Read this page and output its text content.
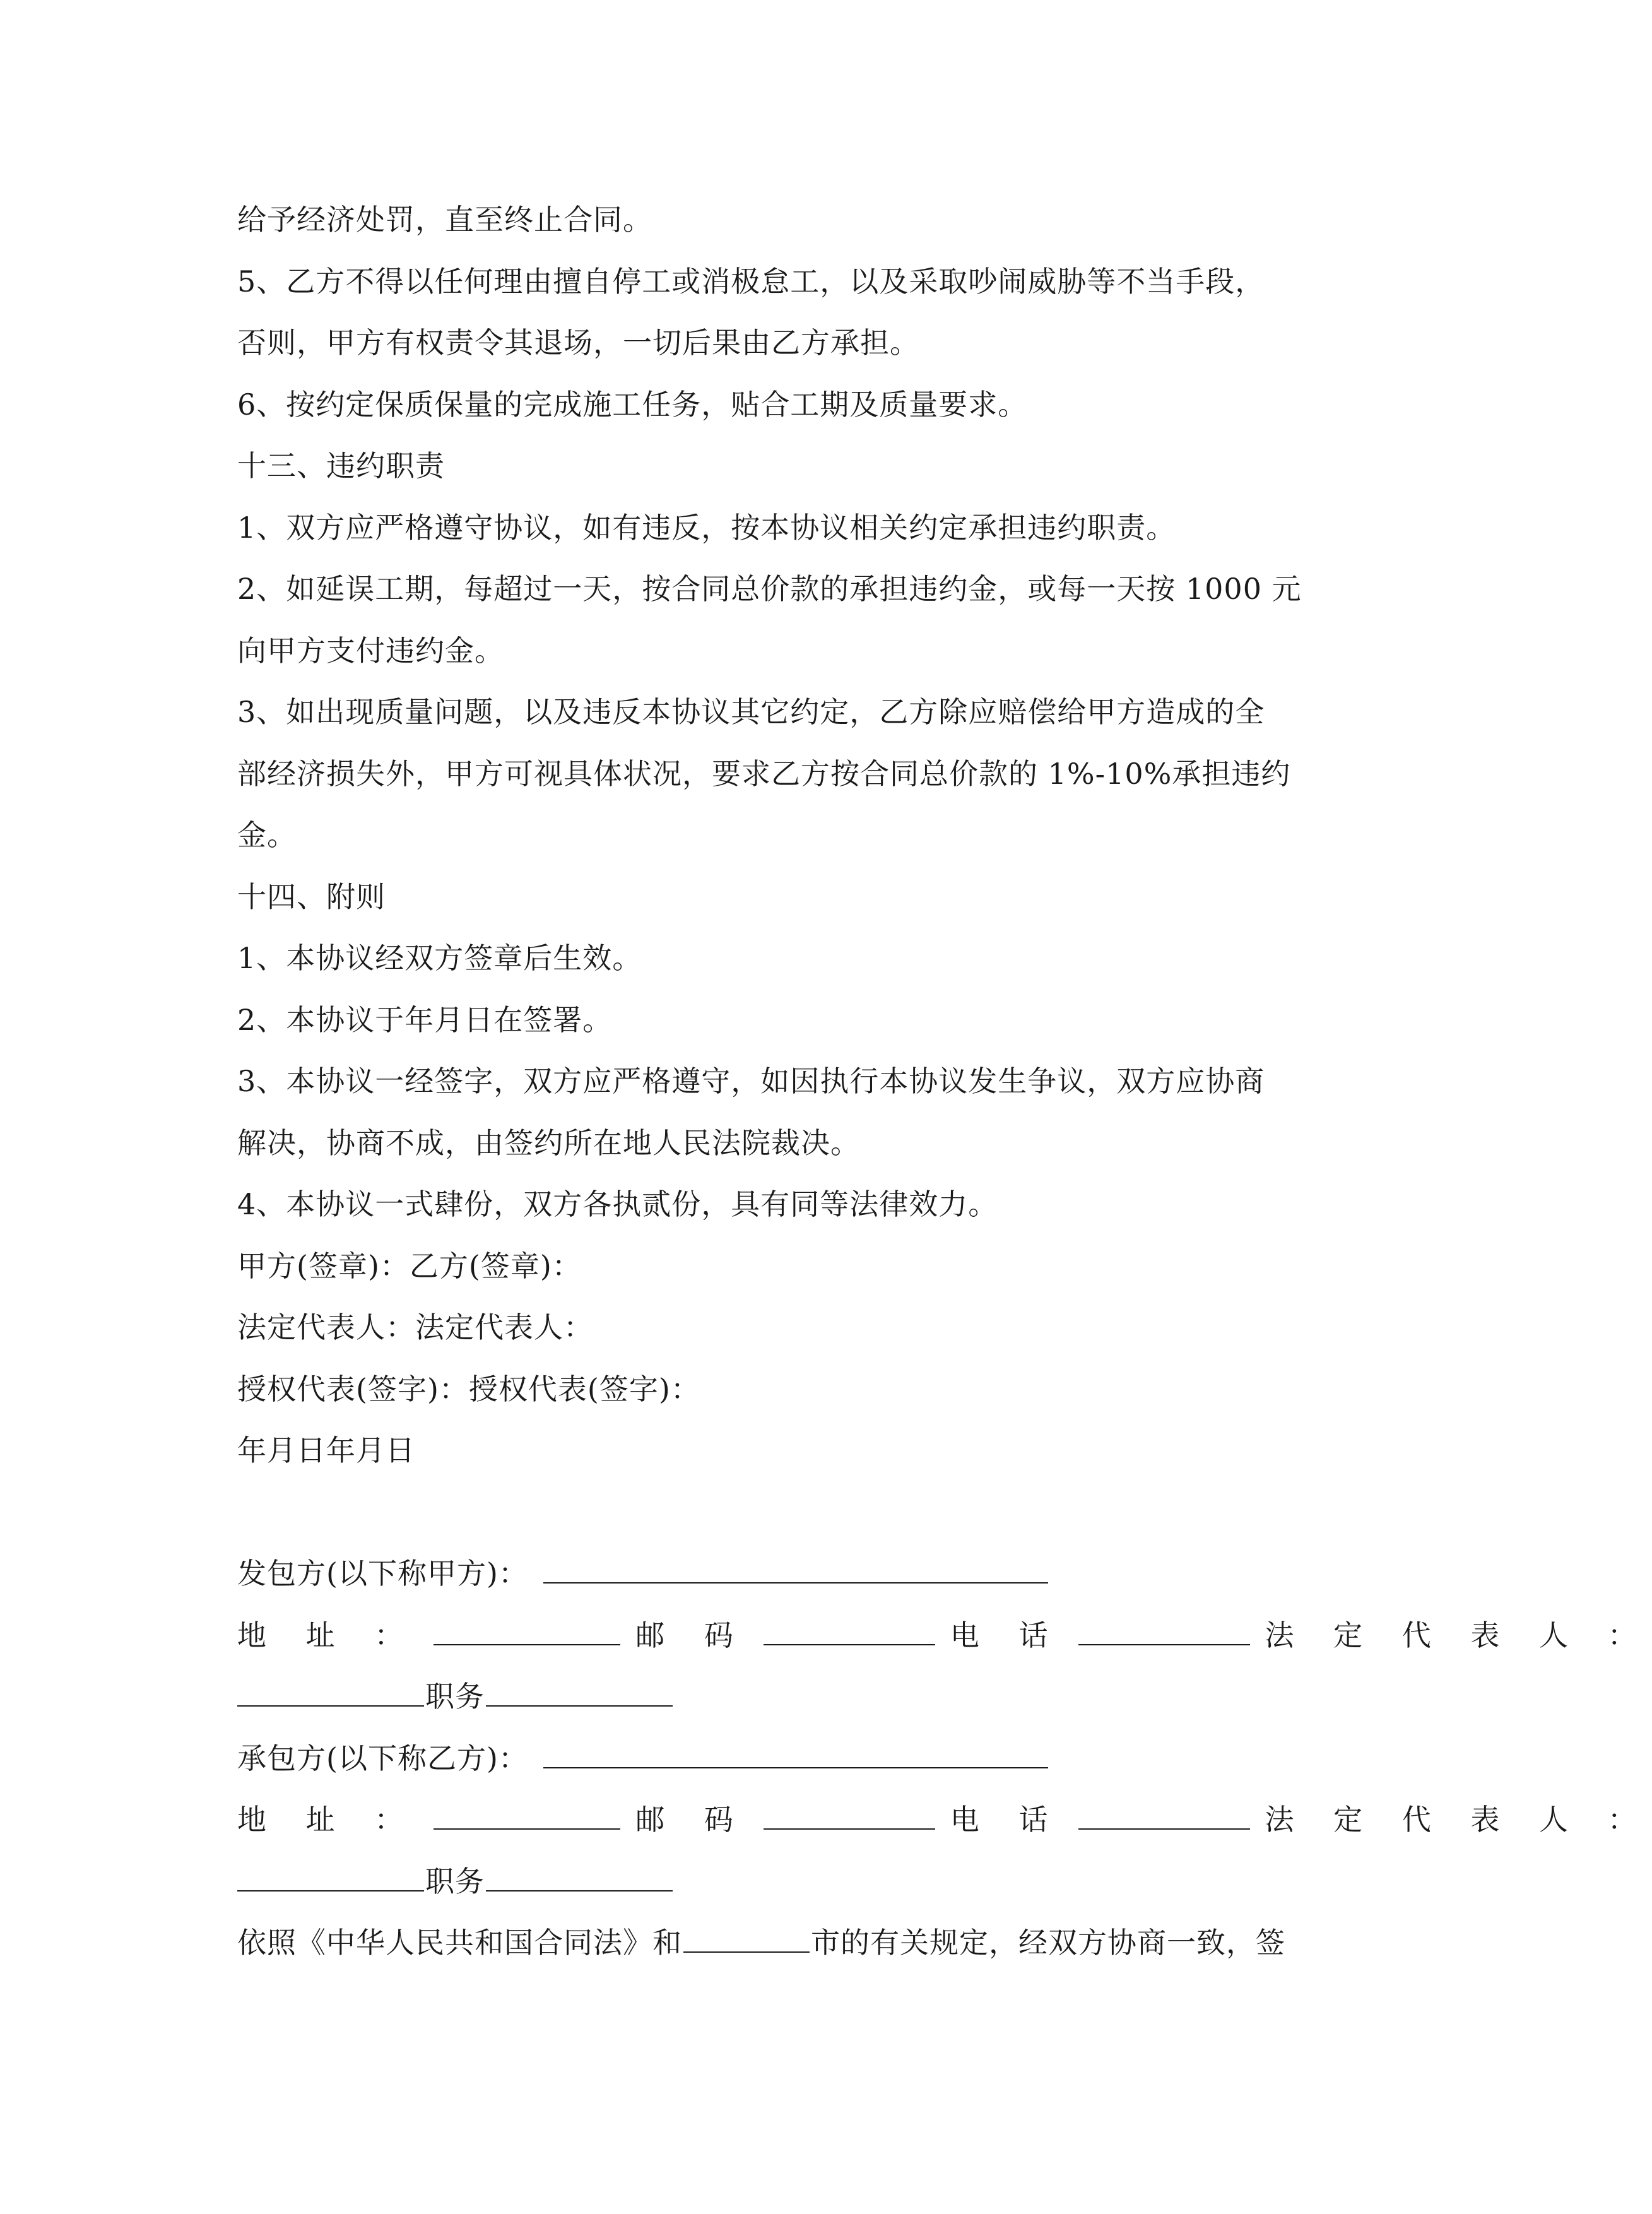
给予经济处罚，直至终止合同。
5、乙方不得以任何理由擅自停工或消极怠工，以及采取吵闹威胁等不当手段，
否则，甲方有权责令其退场，一切后果由乙方承担。
6、按约定保质保量的完成施工任务，贴合工期及质量要求。
十三、违约职责
1、双方应严格遵守协议，如有违反，按本协议相关约定承担违约职责。
2、如延误工期，每超过一天，按合同总价款的承担违约金，或每一天按 1000 元
向甲方支付违约金。
3、如出现质量问题，以及违反本协议其它约定，乙方除应赔偿给甲方造成的全
部经济损失外，甲方可视具体状况，要求乙方按合同总价款的 1%-10%承担违约
金。
十四、附则
1、本协议经双方签章后生效。
2、本协议于年月日在签署。
3、本协议一经签字，双方应严格遵守，如因执行本协议发生争议，双方应协商
解决，协商不成，由签约所在地人民法院裁决。
4、本协议一式肆份，双方各执贰份，具有同等法律效力。
甲方(签章)：乙方(签章)：
法定代表人：法定代表人：
授权代表(签字)：授权代表(签字)：
年月日年月日
发包方(以下称甲方)：
地 址 ：	邮 码	电 话	法 定 代 表 人 ：
职务
承包方(以下称乙方)：
地 址 ：	邮 码	电 话	法 定 代 表 人 ：
职务
依照《中华人民共和国合同法》和	市的有关规定，经双方协商一致，签
